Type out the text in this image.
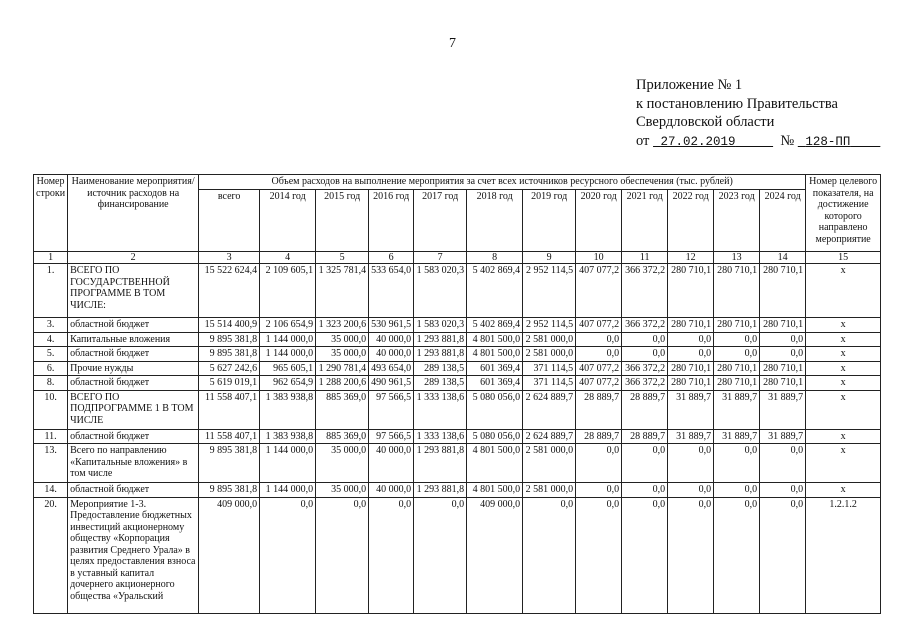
7
Приложение № 1
к постановлению Правительства
Свердловской области
от 27.02.2019	№ 128-ПП
Номер строки	Наименование мероприятия/источник расходов на финансирование	Объем расходов на выполнение мероприятия за счет всех источников ресурсного обеспечения (тыс. рублей)												Номер целевого показателя, на достижение которого направлено мероприятие
		всего	2014 год	2015 год	2016 год	2017 год	2018 год	2019 год	2020 год	2021 год	2022 год	2023 год	2024 год	
1	2	3	4	5	6	7	8	9	10	11	12	13	14	15
1.	ВСЕГО ПО ГОСУДАРСТВЕННОЙ ПРОГРАММЕ В ТОМ ЧИСЛЕ:	15 522 624,4	2 109 605,1	1 325 781,4	533 654,0	1 583 020,3	5 402 869,4	2 952 114,5	407 077,2	366 372,2	280 710,1	280 710,1	280 710,1	х
3.	областной бюджет	15 514 400,9	2 106 654,9	1 323 200,6	530 961,5	1 583 020,3	5 402 869,4	2 952 114,5	407 077,2	366 372,2	280 710,1	280 710,1	280 710,1	х
4.	Капитальные вложения	9 895 381,8	1 144 000,0	35 000,0	40 000,0	1 293 881,8	4 801 500,0	2 581 000,0	0,0	0,0	0,0	0,0	0,0	х
5.	областной бюджет	9 895 381,8	1 144 000,0	35 000,0	40 000,0	1 293 881,8	4 801 500,0	2 581 000,0	0,0	0,0	0,0	0,0	0,0	х
6.	Прочие нужды	5 627 242,6	965 605,1	1 290 781,4	493 654,0	289 138,5	601 369,4	371 114,5	407 077,2	366 372,2	280 710,1	280 710,1	280 710,1	х
8.	областной бюджет	5 619 019,1	962 654,9	1 288 200,6	490 961,5	289 138,5	601 369,4	371 114,5	407 077,2	366 372,2	280 710,1	280 710,1	280 710,1	х
10.	ВСЕГО ПО ПОДПРОГРАММЕ 1 В ТОМ ЧИСЛЕ	11 558 407,1	1 383 938,8	885 369,0	97 566,5	1 333 138,6	5 080 056,0	2 624 889,7	28 889,7	28 889,7	31 889,7	31 889,7	31 889,7	х
11.	областной бюджет	11 558 407,1	1 383 938,8	885 369,0	97 566,5	1 333 138,6	5 080 056,0	2 624 889,7	28 889,7	28 889,7	31 889,7	31 889,7	31 889,7	х
13.	Всего по направлению «Капитальные вложения» в том числе	9 895 381,8	1 144 000,0	35 000,0	40 000,0	1 293 881,8	4 801 500,0	2 581 000,0	0,0	0,0	0,0	0,0	0,0	х
14.	областной бюджет	9 895 381,8	1 144 000,0	35 000,0	40 000,0	1 293 881,8	4 801 500,0	2 581 000,0	0,0	0,0	0,0	0,0	0,0	х
20.	Мероприятие 1-3. Предоставление бюджетных инвестиций акционерному обществу «Корпорация развития Среднего Урала» в целях предоставления взноса в уставный капитал дочернего акционерного общества «Уральский	409 000,0	0,0	0,0	0,0	0,0	409 000,0	0,0	0,0	0,0	0,0	0,0	0,0	1.2.1.2
